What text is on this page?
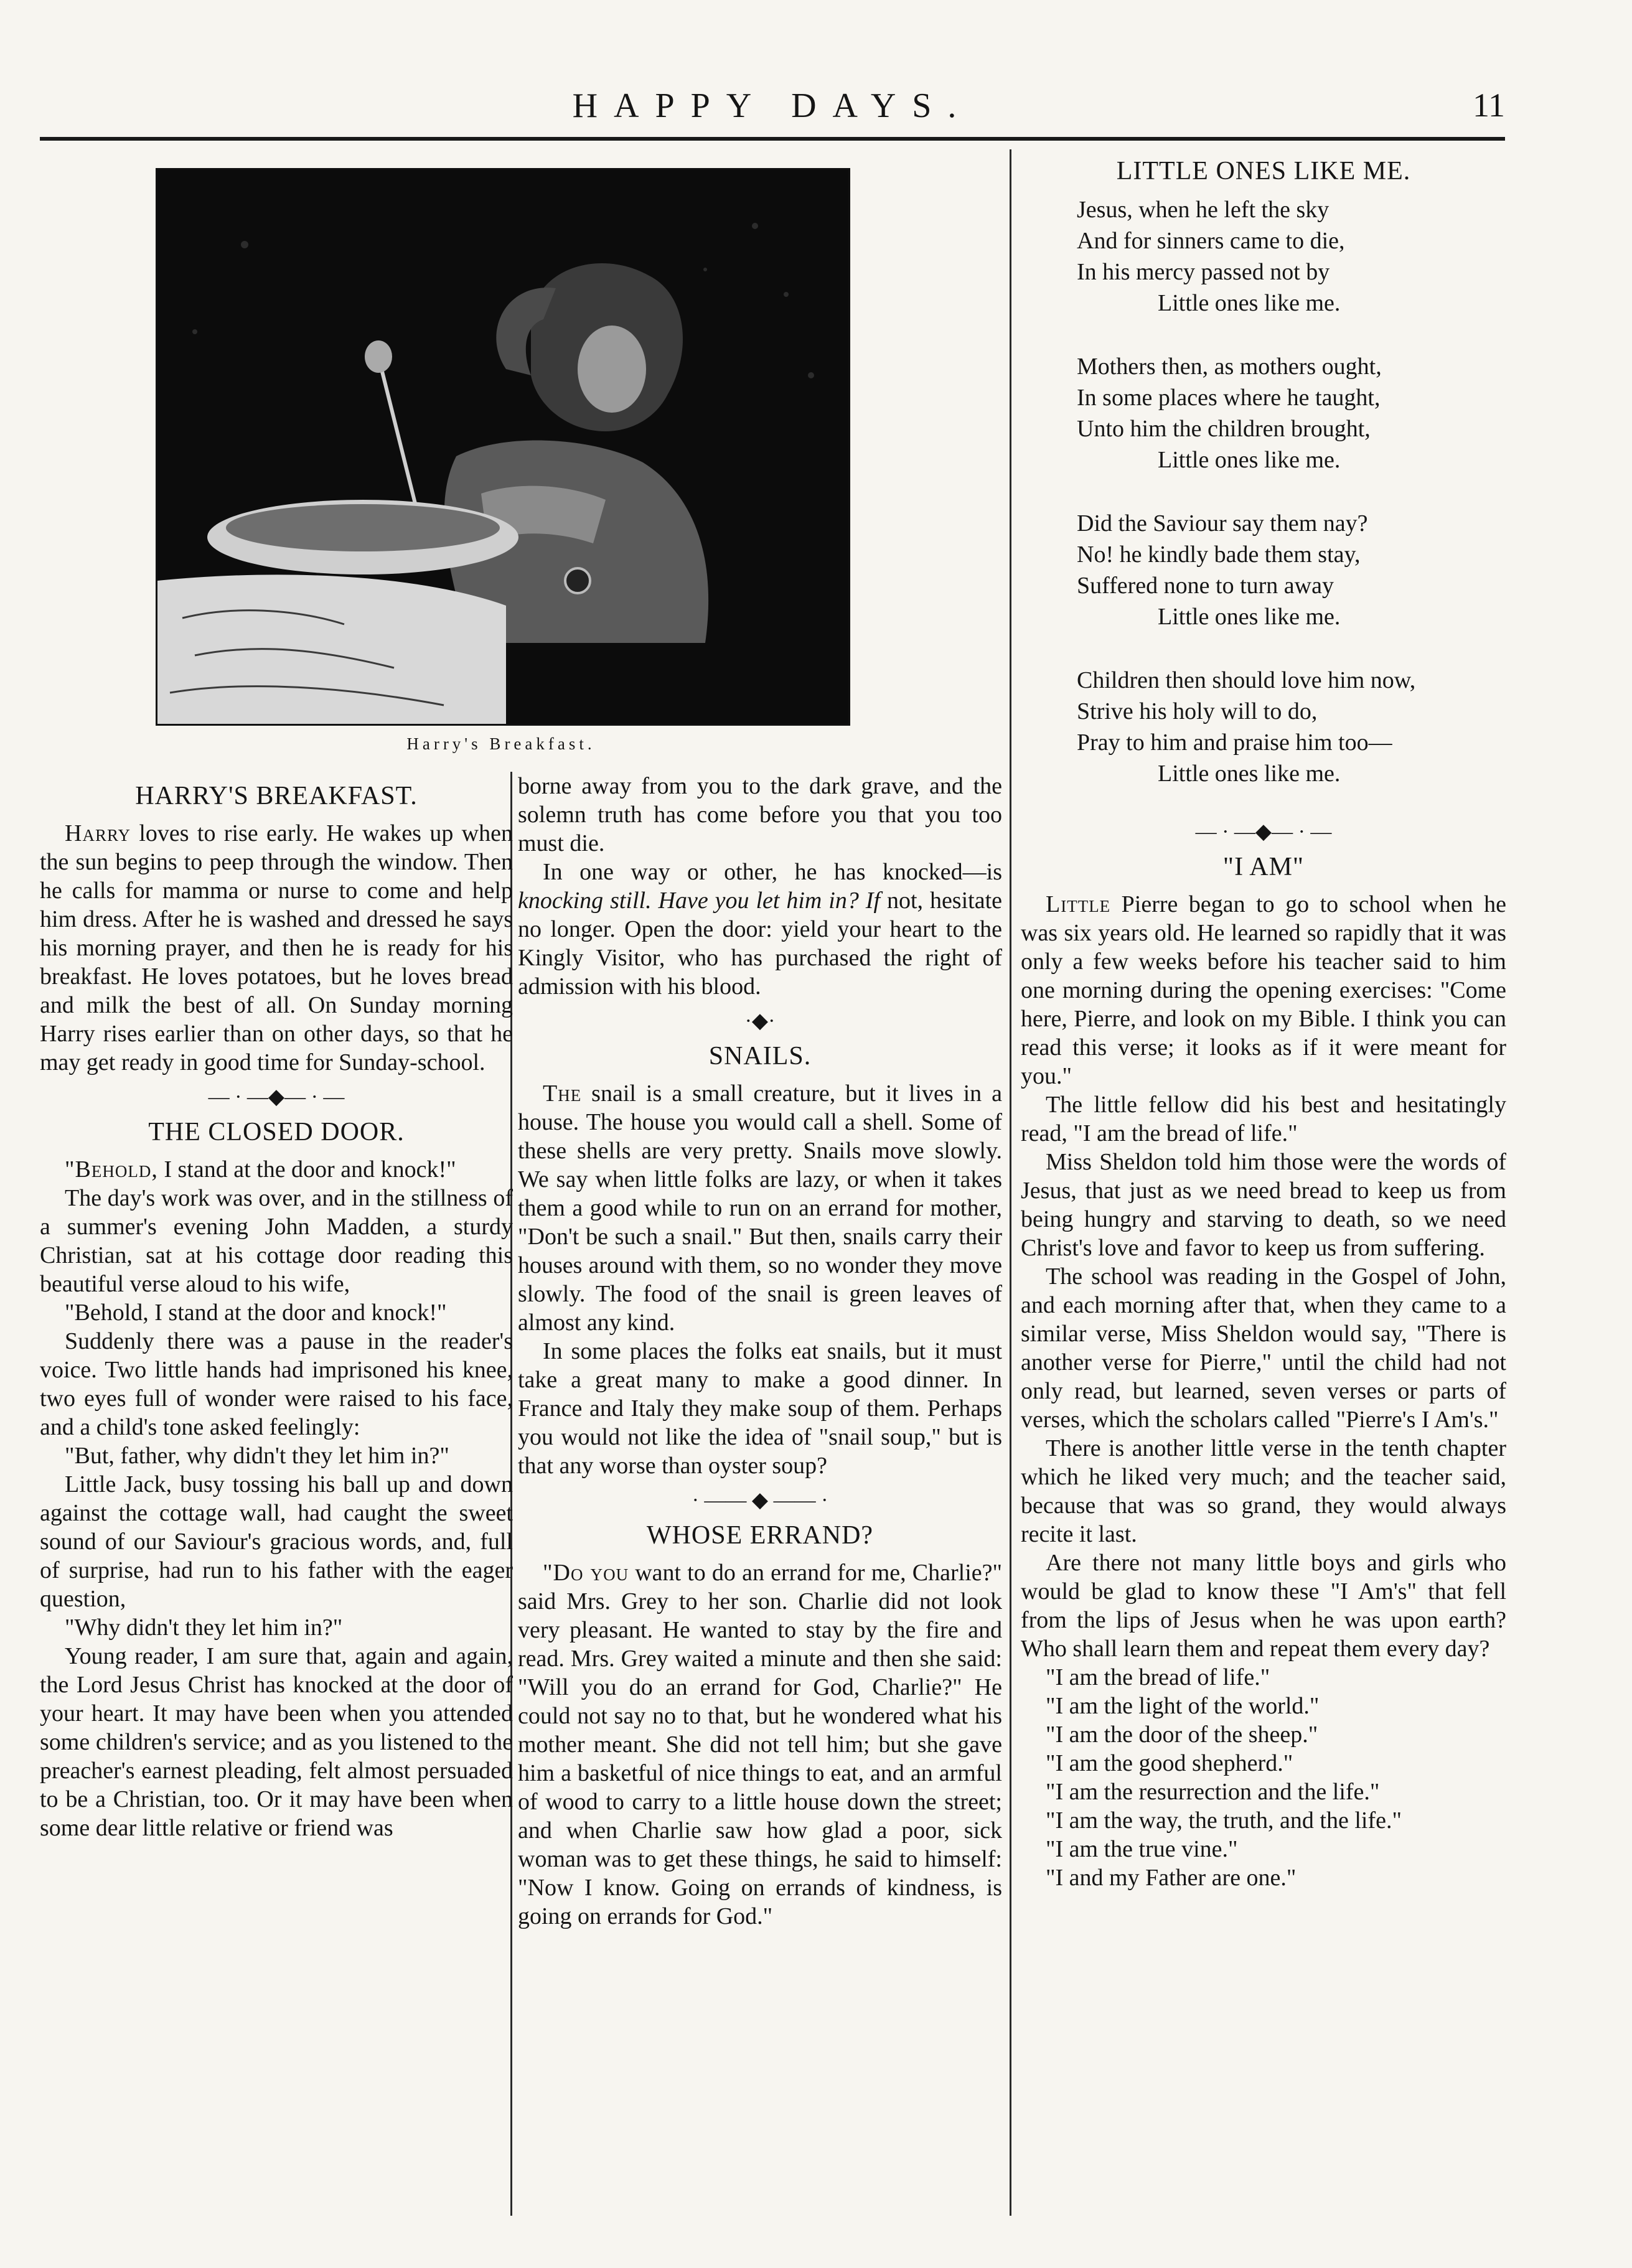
HAPPY DAYS.	11
Harry's Breakfast.
HARRY'S BREAKFAST.

Harry loves to rise early. He wakes up when the sun begins to peep through the window. Then he calls for mamma or nurse to come and help him dress. After he is washed and dressed he says his morning prayer, and then he is ready for his breakfast. He loves potatoes, but he loves bread and milk the best of all. On Sunday morning Harry rises earlier than on other days, so that he may get ready in good time for Sunday-school.

— · —◆— · —
THE CLOSED DOOR.

"Behold, I stand at the door and knock!"

The day's work was over, and in the stillness of a summer's evening John Madden, a sturdy Christian, sat at his cottage door reading this beautiful verse aloud to his wife,

"Behold, I stand at the door and knock!"

Suddenly there was a pause in the reader's voice. Two little hands had imprisoned his knee, two eyes full of wonder were raised to his face, and a child's tone asked feelingly:

"But, father, why didn't they let him in?"

Little Jack, busy tossing his ball up and down against the cottage wall, had caught the sweet sound of our Saviour's gracious words, and, full of surprise, had run to his father with the eager question,

"Why didn't they let him in?"

Young reader, I am sure that, again and again, the Lord Jesus Christ has knocked at the door of your heart. It may have been when you attended some children's service; and as you listened to the preacher's earnest pleading, felt almost persuaded to be a Christian, too. Or it may have been when some dear little relative or friend was

borne away from you to the dark grave, and the solemn truth has come before you that you too must die.

In one way or other, he has knocked—is knocking still. Have you let him in? If not, hesitate no longer. Open the door: yield your heart to the Kingly Visitor, who has purchased the right of admission with his blood.

·◆·
SNAILS.

The snail is a small creature, but it lives in a house. The house you would call a shell. Some of these shells are very pretty. Snails move slowly. We say when little folks are lazy, or when it takes them a good while to run on an errand for mother, "Don't be such a snail." But then, snails carry their houses around with them, so no wonder they move slowly. The food of the snail is green leaves of almost any kind.

In some places the folks eat snails, but it must take a great many to make a good dinner. In France and Italy they make soup of them. Perhaps you would not like the idea of "snail soup," but is that any worse than oyster soup?

· —— ◆ —— ·
WHOSE ERRAND?

"Do you want to do an errand for me, Charlie?" said Mrs. Grey to her son. Charlie did not look very pleasant. He wanted to stay by the fire and read. Mrs. Grey waited a minute and then she said: "Will you do an errand for God, Charlie?" He could not say no to that, but he wondered what his mother meant. She did not tell him; but she gave him a basketful of nice things to eat, and an armful of wood to carry to a little house down the street; and when Charlie saw how glad a poor, sick woman was to get these things, he said to himself: "Now I know. Going on errands of kindness, is going on errands for God."

LITTLE ONES LIKE ME.
Jesus, when he left the sky
And for sinners came to die,
In his mercy passed not by
Little ones like me.
Mothers then, as mothers ought,
In some places where he taught,
Unto him the children brought,
Little ones like me.
Did the Saviour say them nay?
No! he kindly bade them stay,
Suffered none to turn away
Little ones like me.
Children then should love him now,
Strive his holy will to do,
Pray to him and praise him too—
Little ones like me.
— · —◆— · —
"I AM"

Little Pierre began to go to school when he was six years old. He learned so rapidly that it was only a few weeks before his teacher said to him one morning during the opening exercises: "Come here, Pierre, and look on my Bible. I think you can read this verse; it looks as if it were meant for you."

The little fellow did his best and hesitatingly read, "I am the bread of life."

Miss Sheldon told him those were the words of Jesus, that just as we need bread to keep us from being hungry and starving to death, so we need Christ's love and favor to keep us from suffering.

The school was reading in the Gospel of John, and each morning after that, when they came to a similar verse, Miss Sheldon would say, "There is another verse for Pierre," until the child had not only read, but learned, seven verses or parts of verses, which the scholars called "Pierre's I Am's."

There is another little verse in the tenth chapter which he liked very much; and the teacher said, because that was so grand, they would always recite it last.

Are there not many little boys and girls who would be glad to know these "I Am's" that fell from the lips of Jesus when he was upon earth? Who shall learn them and repeat them every day?

"I am the bread of life."

"I am the light of the world."

"I am the door of the sheep."

"I am the good shepherd."

"I am the resurrection and the life."

"I am the way, the truth, and the life."

"I am the true vine."

"I and my Father are one."
